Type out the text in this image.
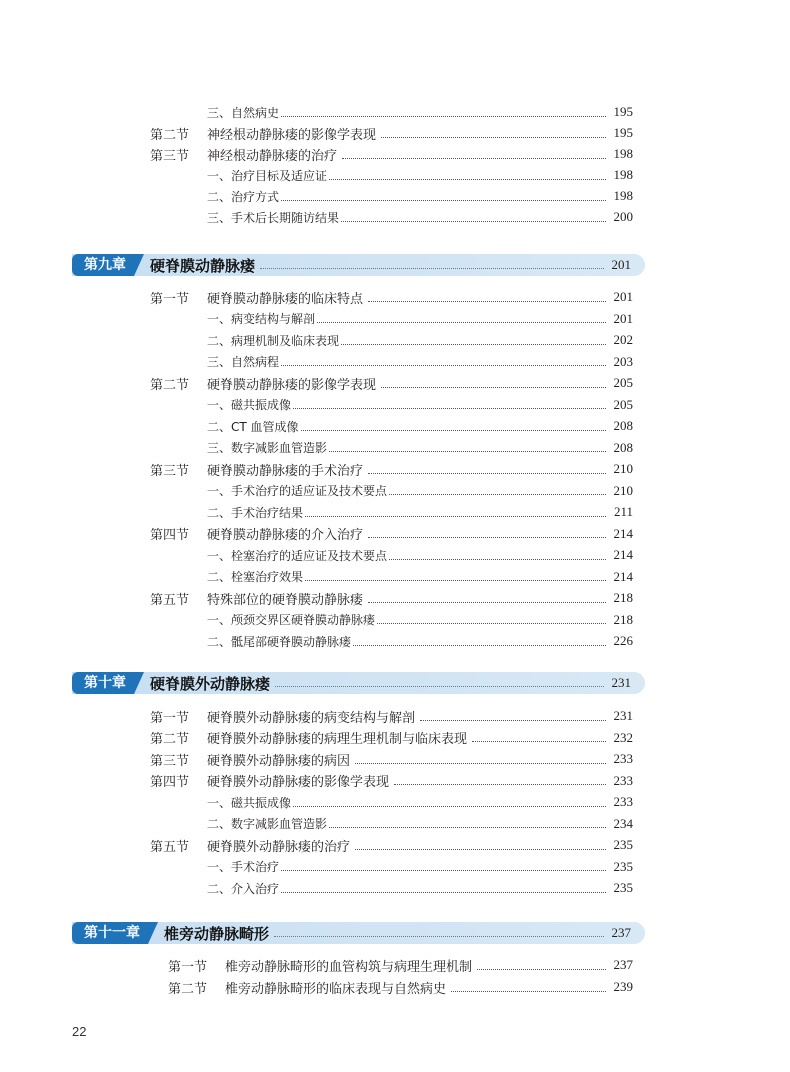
三、自然病史	195
第二节	神经根动静脉瘘的影像学表现	195
第三节	神经根动静脉瘘的治疗	198
一、治疗目标及适应证	198
二、治疗方式	198
三、手术后长期随访结果	200
第九章	硬脊膜动静脉瘘	201
第一节	硬脊膜动静脉瘘的临床特点	201
一、病变结构与解剖	201
二、病理机制及临床表现	202
三、自然病程	203
第二节	硬脊膜动静脉瘘的影像学表现	205
一、磁共振成像	205
二、CT 血管成像	208
三、数字减影血管造影	208
第三节	硬脊膜动静脉瘘的手术治疗	210
一、手术治疗的适应证及技术要点	210
二、手术治疗结果	211
第四节	硬脊膜动静脉瘘的介入治疗	214
一、栓塞治疗的适应证及技术要点	214
二、栓塞治疗效果	214
第五节	特殊部位的硬脊膜动静脉瘘	218
一、颅颈交界区硬脊膜动静脉瘘	218
二、骶尾部硬脊膜动静脉瘘	226
第十章	硬脊膜外动静脉瘘	231
第一节	硬脊膜外动静脉瘘的病变结构与解剖	231
第二节	硬脊膜外动静脉瘘的病理生理机制与临床表现	232
第三节	硬脊膜外动静脉瘘的病因	233
第四节	硬脊膜外动静脉瘘的影像学表现	233
一、磁共振成像	233
二、数字减影血管造影	234
第五节	硬脊膜外动静脉瘘的治疗	235
一、手术治疗	235
二、介入治疗	235
第十一章	椎旁动静脉畸形	237
第一节	椎旁动静脉畸形的血管构筑与病理生理机制	237
第二节	椎旁动静脉畸形的临床表现与自然病史	239
22
